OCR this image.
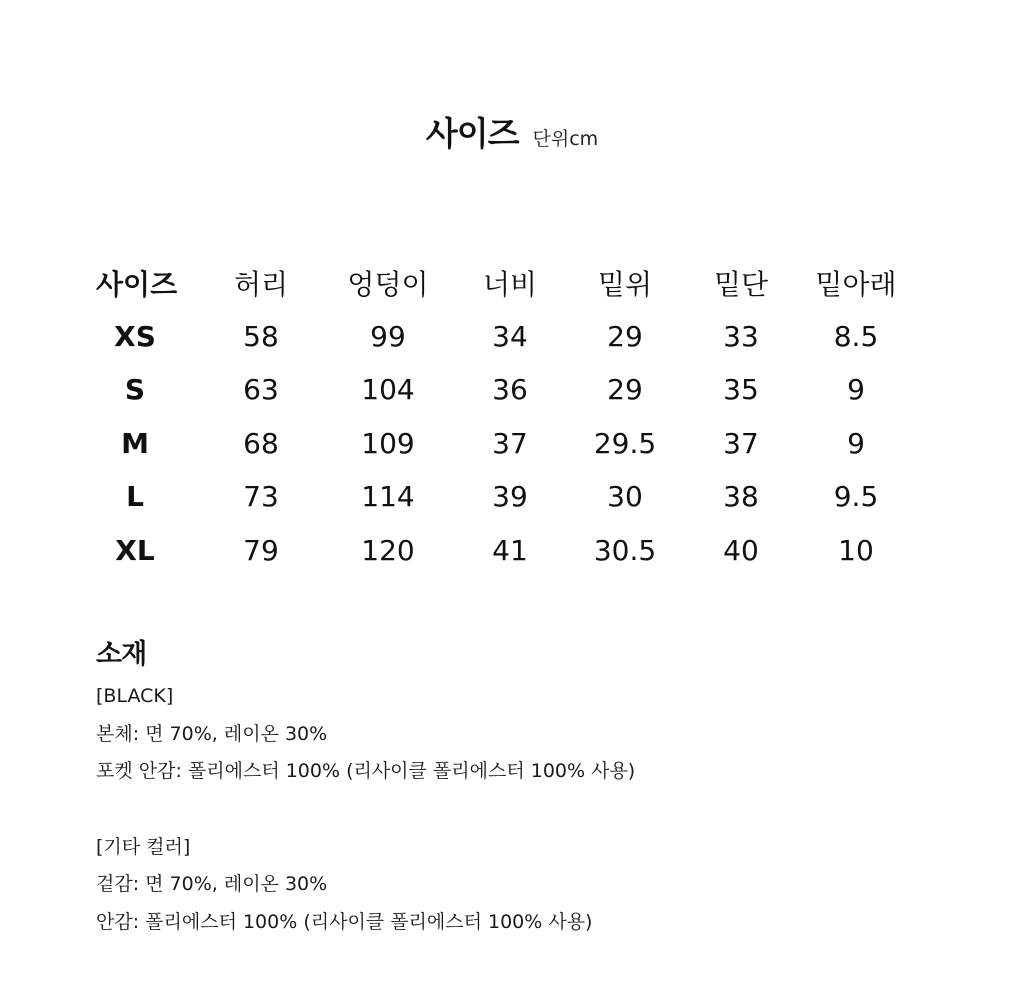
사이즈 단위cm
사이즈	허리	엉덩이	너비	밑위	밑단	밑아래
XS	58	99	34	29	33	8.5
S	63	104	36	29	35	9
M	68	109	37	29.5	37	9
L	73	114	39	30	38	9.5
XL	79	120	41	30.5	40	10
소재
[BLACK]
본체: 면 70%, 레이온 30%
포켓 안감: 폴리에스터 100% (리사이클 폴리에스터 100% 사용)
[기타 컬러]
겉감: 면 70%, 레이온 30%
안감: 폴리에스터 100% (리사이클 폴리에스터 100% 사용)
